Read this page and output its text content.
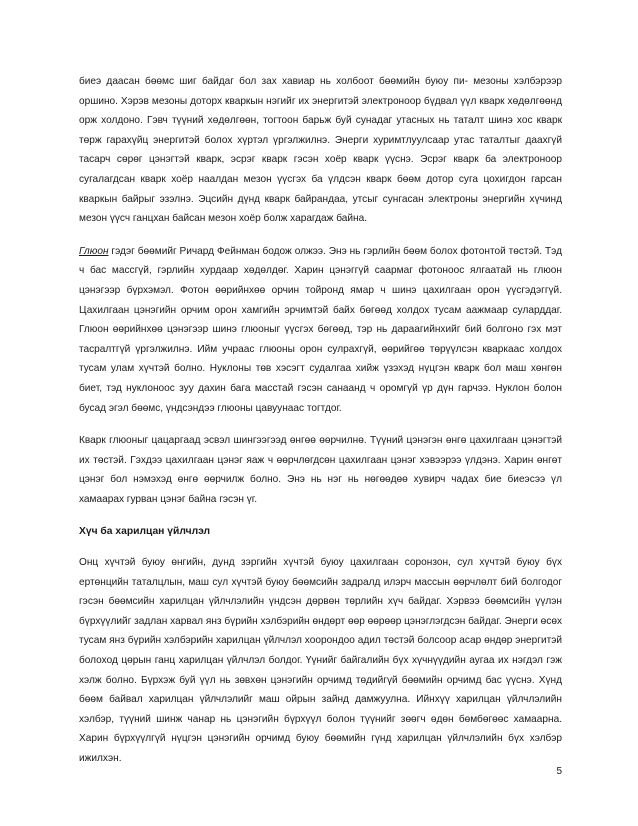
биеэ даасан бөөмс шиг байдаг бол зах хавиар нь холбоот бөөмийн буюу пи- мезоны хэлбэрээр оршино. Хэрэв мезоны доторх кваркын нэгийг их энергитэй электроноор бүдвал үүл кварк хөдөлгөөнд орж холдоно. Гэвч түүний хөдөлгөөн, тогтоон барьж буй сунадаг утасных нь таталт шинэ хос кварк төрж гарахүйц энергитэй болох хүртэл үргэлжилнэ. Энерги хуримтлуулсаар утас таталтыг даахгүй тасарч сөрөг цэнэгтэй кварк, эсрэг кварк гэсэн хоёр кварк үүснэ. Эсрэг кварк ба электроноор сугалагдсан кварк хоёр наалдан мезон үүсгэх ба үлдсэн кварк бөөм дотор суга цохигдон гарсан кваркын байрыг эзэлнэ. Эцсийн дүнд кварк байрандаа, утсыг сунгасан электроны энергийн хүчинд мезон үүсч ганцхан байсан мезон хоёр болж харагдаж байна.

Глюон гэдэг бөөмийг Ричард Фейнман бодож олжээ. Энэ нь гэрлийн бөөм болох фотонтой төстэй. Тэд ч бас массгүй, гэрлийн хурдаар хөдөлдөг. Харин цэнэггүй саармаг фотоноос ялгаатай нь глюон цэнэгээр бүрхэмэл. Фотон өөрийнхөө орчин тойронд ямар ч шинэ цахилгаан орон үүсгэдэггүй. Цахилгаан цэнэгийн орчим орон хамгийн эрчимтэй байх бөгөөд холдох тусам аажмаар суларддаг. Глюон өөрийнхөө цэнэгээр шинэ глюоныг үүсгэх бөгөөд, тэр нь дараагийнхийг бий болгоно гэх мэт тасралтгүй үргэлжилнэ. Ийм учраас глюоны орон сулрахгүй, өөрийгөө төрүүлсэн кваркаас холдох тусам улам хүчтэй болно. Нуклоны төв хэсэгт судалгаа хийж үзэхэд нүцгэн кварк бол маш хөнгөн биет, тэд нуклоноос зуу дахин бага масстай гэсэн санаанд ч оромгүй үр дүн гарчээ. Нуклон болон бусад эгэл бөөмс, үндсэндээ глюоны цавуунаас тогтдог.

Кварк глюоныг цацаргаад эсвэл шингээгээд өнгөө өөрчилнө. Түүний цэнэгэн өнгө цахилгаан цэнэгтэй их төстэй. Гэхдээ цахилгаан цэнэг яаж ч өөрчлөгдсөн цахилгаан цэнэг хэвээрээ үлдэнэ. Харин өнгөт цэнэг бол нэмэхэд өнгө өөрчилж болно. Энэ нь нэг нь нөгөөдөө хувирч чадах бие биеэсээ үл хамаарах гурван цэнэг байна гэсэн үг.

Хүч ба харилцан үйлчлэл

Онц хүчтэй буюу өнгийн, дунд зэргийн хүчтэй буюу цахилгаан соронзон, сул хүчтэй буюу бүх ертөнцийн таталцлын, маш сул хүчтэй буюу бөөмсийн задралд илэрч массын өөрчлөлт бий болгодог гэсэн бөөмсийн харилцан үйлчлэлийн үндсэн дөрвөн төрлийн хүч байдаг. Хэрвээ бөөмсийн үүлэн бүрхүүлийг задлан харвал янз бүрийн хэлбэрийн өндөрт өөр өөрөөр цэнэглэгдсэн байдаг. Энерги өсөх тусам янз бүрийн хэлбэрийн харилцан үйлчлэл хоорондоо адил төстэй болсоор асар өндөр энергитэй болоход цөрын ганц харилцан үйлчлэл болдог. Үүнийг байгалийн бүх хүчнүүдийн аугаа их нэгдэл гэж хэлж болно. Бүрхэж буй үүл нь зөвхөн цэнэгийн орчимд төдийгүй бөөмийн орчимд бас үүснэ. Хүнд бөөм байвал харилцан үйлчлэлийг маш ойрын зайнд дамжуулна. Ийнхүү харилцан үйлчлэлийн хэлбэр, түүний шинж чанар нь цэнэгийн бүрхүүл болон түүнийг зөөгч өдөн бөмбөгөөс хамаарна. Харин бүрхүүлгүй нүцгэн цэнэгийн орчимд буюу бөөмийн гүнд харилцан үйлчлэлийн бүх хэлбэр ижилхэн.

5
